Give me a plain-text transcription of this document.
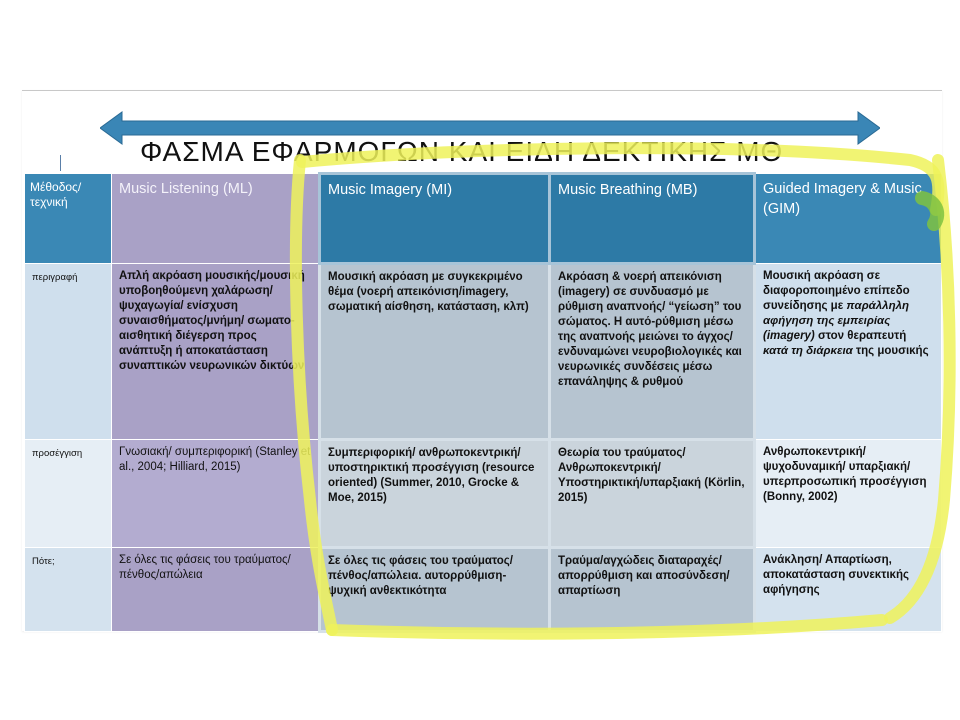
ΦΑΣΜΑ ΕΦΑΡΜΟΓΩΝ ΚΑΙ ΕΙΔΗ ΔΕΚΤΙΚΗΣ ΜΘ
Μέθοδος/ τεχνική	Music Listening (ML)	Music Imagery (MI)	Music Breathing (MB)	Guided Imagery & Music (GIM)
περιγραφή	Απλή ακρόαση μουσικής/μουσική υποβοηθούμενη χαλάρωση/ψυχαγωγία/ ενίσχυση συναισθήματος/μνήμη/ σωματο-αισθητική διέγερση προς ανάπτυξη ή αποκατάσταση συναπτικών νευρωνικών δικτύων	Μουσική ακρόαση με συγκεκριμένο θέμα (νοερή απεικόνιση/imagery, σωματική αίσθηση, κατάσταση, κλπ)	Ακρόαση & νοερή απεικόνιση (imagery) σε συνδυασμό με ρύθμιση αναπνοής/ “γείωση” του σώματος. Η αυτό-ρύθμιση μέσω της αναπνοής μειώνει το άγχος/ ενδυναμώνει νευροβιολογικές και νευρωνικές συνδέσεις μέσω επανάληψης & ρυθμού	Μουσική ακρόαση σε διαφοροποιημένο επίπεδο συνείδησης με παράλληλη αφήγηση της εμπειρίας (imagery) στον θεραπευτή κατά τη διάρκεια της μουσικής
προσέγγιση	Γνωσιακή/ συμπεριφορική (Stanley et al., 2004; Hilliard, 2015)	Συμπεριφορική/ ανθρωποκεντρική/ υποστηρικτική προσέγγιση (resource oriented) (Summer, 2010, Grocke & Moe, 2015)	Θεωρία του τραύματος/ Ανθρωποκεντρική/ Υποστηρικτική/υπαρξιακή (Körlin, 2015)	Ανθρωποκεντρική/ ψυχοδυναμική/ υπαρξιακή/ υπερπροσωπική προσέγγιση (Bonny, 2002)
Πότε;	Σε όλες τις φάσεις του τραύματος/πένθος/απώλεια	Σε όλες τις φάσεις του τραύματος/πένθος/απώλεια. αυτορρύθμιση-ψυχική ανθεκτικότητα	Τραύμα/αγχώδεις διαταραχές/απορρύθμιση και αποσύνδεση/απαρτίωση	Ανάκληση/ Απαρτίωση, αποκατάσταση συνεκτικής αφήγησης
